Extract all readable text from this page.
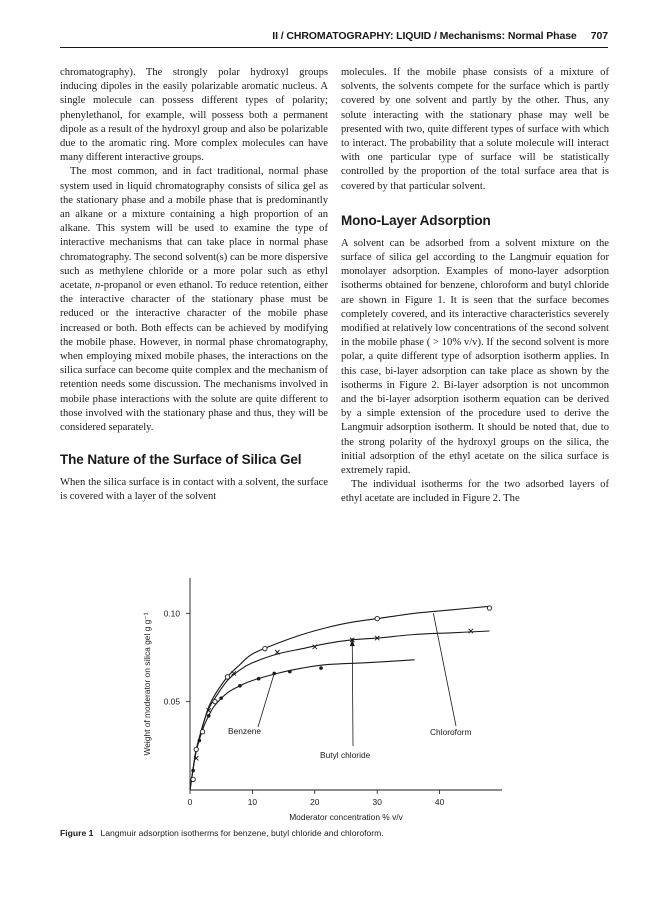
II / CHROMATOGRAPHY: LIQUID / Mechanisms: Normal Phase 707

chromatography). The strongly polar hydroxyl groups inducing dipoles in the easily polarizable aromatic nucleus. A single molecule can possess different types of polarity; phenylethanol, for example, will possess both a permanent dipole as a result of the hydroxyl group and also be polarizable due to the aromatic ring. More complex molecules can have many different interactive groups.

The most common, and in fact traditional, normal phase system used in liquid chromatography consists of silica gel as the stationary phase and a mobile phase that is predominantly an alkane or a mixture containing a high proportion of an alkane. This system will be used to examine the type of interactive mechanisms that can take place in normal phase chromatography. The second solvent(s) can be more dispersive such as methylene chloride or a more polar such as ethyl acetate, n-propanol or even ethanol. To reduce retention, either the interactive character of the stationary phase must be reduced or the interactive character of the mobile phase increased or both. Both effects can be achieved by modifying the mobile phase. However, in normal phase chromatography, when employing mixed mobile phases, the interactions on the silica surface can become quite complex and the mechanism of retention needs some discussion. The mechanisms involved in mobile phase interactions with the solute are quite different to those involved with the stationary phase and thus, they will be considered separately.

The Nature of the Surface of Silica Gel

When the silica surface is in contact with a solvent, the surface is covered with a layer of the solvent

molecules. If the mobile phase consists of a mixture of solvents, the solvents compete for the surface which is partly covered by one solvent and partly by the other. Thus, any solute interacting with the stationary phase may well be presented with two, quite different types of surface with which to interact. The probability that a solute molecule will interact with one particular type of surface will be statistically controlled by the proportion of the total surface area that is covered by that particular solvent.

Mono-Layer Adsorption

A solvent can be adsorbed from a solvent mixture on the surface of silica gel according to the Langmuir equation for monolayer adsorption. Examples of mono-layer adsorption isotherms obtained for benzene, chloroform and butyl chloride are shown in Figure 1. It is seen that the surface becomes completely covered, and its interactive characteristics severely modified at relatively low concentrations of the second solvent in the mobile phase ( > 10% v/v). If the second solvent is more polar, a quite different type of adsorption isotherm applies. In this case, bi-layer adsorption can take place as shown by the isotherms in Figure 2. Bi-layer adsorption is not uncommon and the bi-layer adsorption isotherm equation can be derived by a simple extension of the procedure used to derive the Langmuir adsorption isotherm. It should be noted that, due to the strong polarity of the hydroxyl groups on the silica, the initial adsorption of the ethyl acetate on the silica surface is extremely rapid.

The individual isotherms for the two adsorbed layers of ethyl acetate are included in Figure 2. The

0	10	20	30	40
0.05
0.10
Moderator concentration % v/v
Weight of moderator on silica gel g g⁻¹	Benzene
Butyl chloride
Chloroform
Figure 1 Langmuir adsorption isotherms for benzene, butyl chloride and chloroform.
